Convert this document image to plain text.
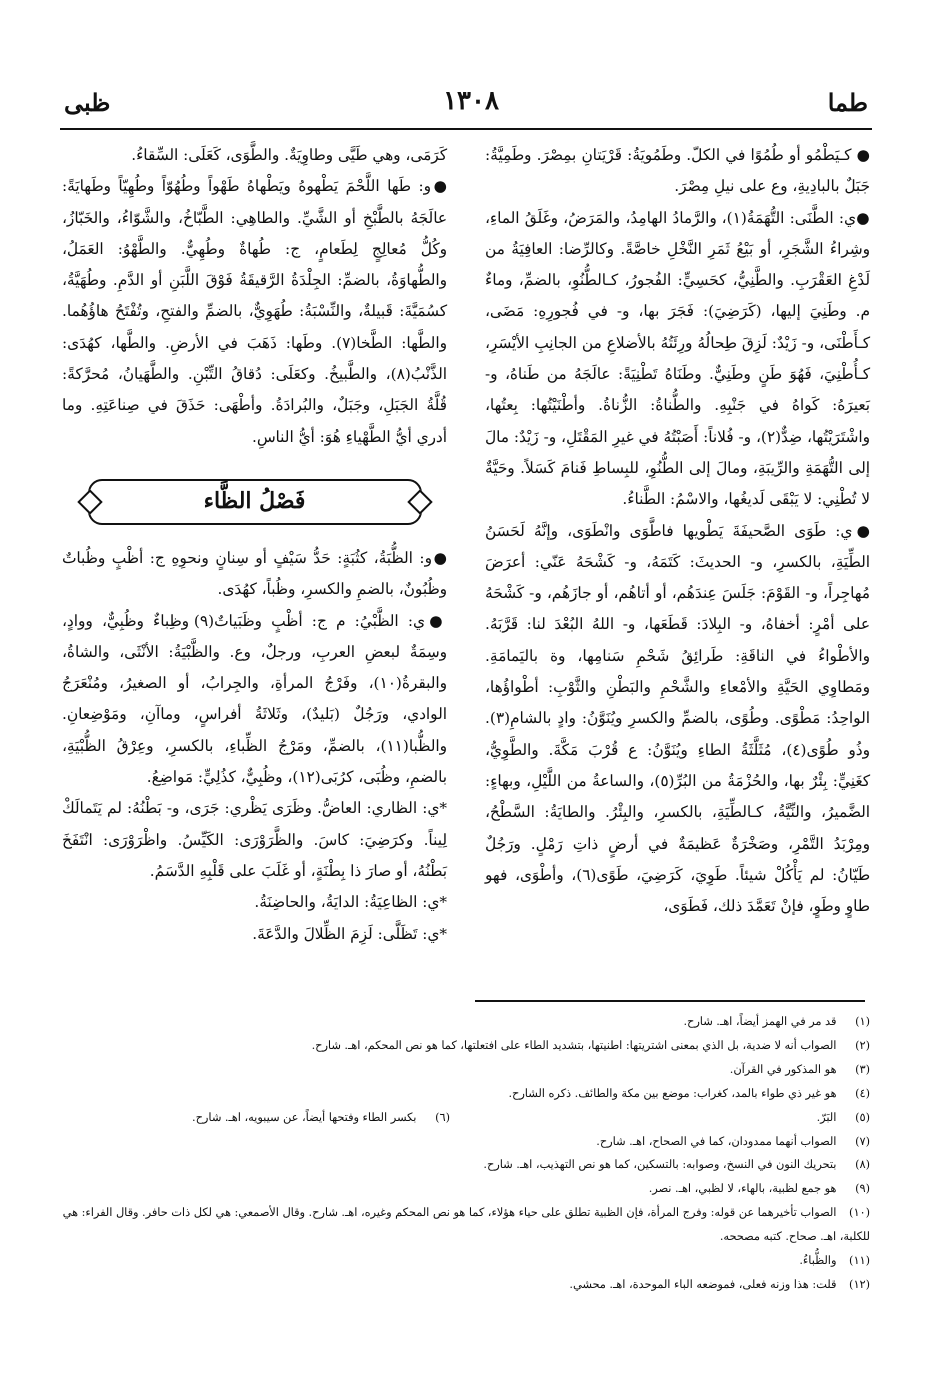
طما
١٣٠٨
ظبى

● كـيَطْمُو أو طُمُوًا في الكلّ. وطَمُويَةُ: قَرْيَتانِ بمِصْرَ. وطَمِيَّةُ: جَبَلٌ بالبادِيةِ، وع على نيلِ مِصْرَ.

●ي: الطَّنَى: التُّهَمَةُ(١)، والرَّمادُ الهامِدُ، والمَرَضُ، وغَلَقُ الماءِ، وشِراءُ الشَّجَرِ، أو بَيْعُ ثَمَرِ النَّخْلِ خاصَّةً. وكالرِّضا: العافِيَةُ من لَدْغِ العَقْرَبِ. والطَّنِيُّ، كحَسِيٍّ: الفُجورُ، كـالطُّنُوِ، بالضمِّ، وماءٌ م. وطَنِيَ إليها، (كَرَضِيَ): فَجَرَ بها، و- في فُجورِهِ: مَضَى، كـأَطْنَى، و- زَيْدٌ: لَزِقَ طِحالُهُ ورِئَتُهُ بالأضلاعِ من الجانِبِ الأيْسَرِ، كـأُطْنِيَ، فَهُوَ طَنٍ وطَنِيٌّ. وطَنَاهُ تَطْنِيَةً: عالَجَهُ من طَناهُ، و- بَعيرَهُ: كَواهُ في جَنْبِهِ. والطُّناةُ: الزُّناةُ. وأطْنَيْتُها: بِعتُها، واشْتَرَيْتُها، ضِدٌّ(٢)، و- فُلاناً: أَصَبْتُهُ في غيرِ المَقْتَلِ، و- زَيْدٌ: مالَ إلى التُّهَمَةِ والرِّيبَةِ، ومالَ إلى الطُّنُوِ، للبِساطِ فَنامَ كَسَلاً. وحَيَّةٌ لا تُطْنِي: لا يَبْقَى لَديغُها، والاسْمُ: الطَّناءُ.

●ي: طَوَى الصَّحيفَةَ يَطْويها فاطَّوَى وانْطَوَى، وإنَّهُ لَحَسَنُ الطِّيَةِ، بالكسرِ، و- الحديثَ: كَتَمَهُ، و- كَشْحَهُ عَنّي: أعرَضَ مُهاجِراً، و- القَوْمَ: جَلَسَ عِندَهُم، أو أتاهُم، أو جازَهُم، و- كَشْحَهُ على أمْرٍ: أخفاهُ، و- البِلادَ: قَطَعَها، و- اللهُ البُعْدَ لنا: قَرَّبَهُ. والأطْواءُ في الناقَةِ: طَرائِقُ شَحْمِ سَنامِها، وة باليَمامَةِ. ومَطاوِي الحَيَّةِ والأمْعاءِ والشَّحْمِ والبَطْنِ والثَّوْبِ: أطْواؤُها، الواحِدُ: مَطْوًى. وطُوًى، بالضمِّ والكسرِ ويُنَوَّنُ: وادٍ بالشامِ(٣). وذُو طُوًى(٤)، مُثَلَّثَةُ الطاءِ ويُنَوَّنُ: ع قُرْبَ مَكَّةَ. والطَّوِيُّ، كغَنِيٍّ: بِئْرٌ بها، والحُزْمَةُ من البُرِّ(٥)، والساعةُ من اللَّيْلِ، وبهاءٍ: الضَّميرُ، والنِّيَّةُ، كـالطِّيَةِ، بالكسرِ، والبِئْرُ. والطايَةُ: السَّطْحُ، ومِرْبَدُ التَّمْرِ، وصَخْرَةٌ عَظيمَةٌ في أرضٍ ذاتِ رَمْلٍ. ورَجُلٌ طَيّانُ: لم يَأْكُلْ شيئاً. طَوِيَ، كَرَضِيَ، طَوًى(٦)، وأطْوَى، فهو طاوٍ وطَوٍ، فإنْ تَعَمَّدَ ذلك، فَطَوَى،

كَرَمَى، وهي طَيَّى وطاوِيَةٌ. والطَّوَى، كَعَلَى: السِّقاءُ.

●و: طَها اللَّحْمَ يَطْهوهُ ويَطْهاهُ طَهْواً وطُهُوّاً وطُهِيّاً وطَهايَةً: عالَجَهُ بالطَّبْخِ أو الشَّيِّ. والطاهِي: الطَّبّاخُ، والشَّوّاءُ، والخَبّازُ، وكُلُّ مُعالِجٍ لِطَعامٍ، ج: طُهاةٌ وطُهِيٌّ. والطَّهْوُ: العَمَلُ، والطُّهاوَةُ، بالضمِّ: الجِلْدَةُ الرَّقيقَةُ فَوْقَ اللَّبَنِ أو الدَّمِ. وطُهَيَّةُ، كسُمَيَّةَ: قَبيلةٌ، والنِّسْبَةُ: طُهَوِيٌّ، بالضمِّ والفتحِ، وتُفْتَحُ هاؤُهُما. والطَّها: الطَّخا(٧). وطَها: ذَهَبَ في الأرضِ. والطَّها، كهُدَى: الذَّنْبُ(٨)، والطَّبيخُ. وكعَلَى: دُقاقُ التِّبْنِ. والطَّهَيانُ، مُحرَّكةً: قُلَّةُ الجَبَلِ، وجَبَلٌ، والبُرادَةُ. وأطْهَى: حَذَقَ في صِناعَتِهِ. وما أدري أيُّ الطَّهْياءِ هُوَ: أيُّ الناسِ.

فَصْلُ الظَّاء

●و: الظُّبَةُ، كثُبَةٍ: حَدُّ سَيْفٍ أو سِنانٍ ونحوِهِ ج: أظْبٍ وظُباتٌ وظُبُونٌ، بالضمِ والكسرِ، وظُباً، كهُدَى.

●ي: الظَّبْيُ: م ج: أظْبٍ وظَبَياتٌ(٩) وظِباءٌ وظُبِيٌّ، ووادٍ، وسِمَةٌ لبعضِ العربِ، ورجلٌ، وع. والظَّبْيَةُ: الأنْثَى، والشاةُ، والبقرةُ(١٠)، وفَرْجُ المرأةِ، والجِرابُ، أو الصغيرُ، ومُنْعَرَجُ الوادي، ورَجُلٌ (بَليدٌ)، وثَلاثَةُ أفراسٍ، وماآنِ، ومَوْضِعانِ. والظُّبا(١١)، بالضمِّ، ومَرْجُ الظِّباءِ، بالكسرِ، وعِرْقُ الظُّبْيَةِ، بالضمِ، وظُبَى، كرُبَى(١٢)، وظُبِيٌّ، كذُلِيٍّ: مَواضِعُ.

*ي: الظاري: العاضُّ. وظَرَى يَظْري: جَرَى، و- بَطْنُهُ: لم يَتَمالَكْ لِيناً. وكرَضِيَ: كاسَ. والظَّرَوْرَى: الكَيِّسُ. واظْرَوْرَى: انْتَفَخَ بَطْنُهُ، أو صارَ ذا بِطْنَةٍ، أو غَلَبَ على قَلْبِهِ الدَّسَمُ.

*ي: الظاعِيَةُ: الدايَةُ، والحاضِنَةُ.

*ي: تَظَلَّى: لَزِمَ الظِّلالَ والدَّعَةَ.

(١) قد مر في الهمز أيضاً، اهـ. شارح.

(٢) الصواب أنه لا ضدية، بل الذي بمعنى اشتريتها: اطنيتها، بتشديد الطاء على افتعلتها، كما هو نص المحكم، اهـ. شارح.

(٣) هو المذكور في القرآن.

(٤) هو غير ذي طواء بالمد، كغراب: موضع بين مكة والطائف. ذكره الشارح.

(٥) البَرّ.

(٦) بكسر الطاء وفتحها أيضاً، عن سيبويه، اهـ. شارح.

(٧) الصواب أنهما ممدودان، كما في الصحاح، اهـ. شارح.

(٨) بتحريك النون في النسخ، وصوابه: بالتسكين، كما هو نص التهذيب، اهـ. شارح.

(٩) هو جمع لظبية، بالهاء، لا لظبي، اهـ. نصر.

(١٠) الصواب تأخيرهما عن قوله: وفرج المرأة، فإن الظبية تطلق على حياء هؤلاء، كما هو نص المحكم وغيره، اهـ. شارح. وقال الأصمعي: هي لكل ذات حافر. وقال الفراء: هي للكلبة، اهـ. صحاح. كتبه مصححه.

(١١) والظُّباءُ.

(١٢) قلت: هذا وزنه فعلى، فموضعه الباء الموحدة، اهـ. محشي.
